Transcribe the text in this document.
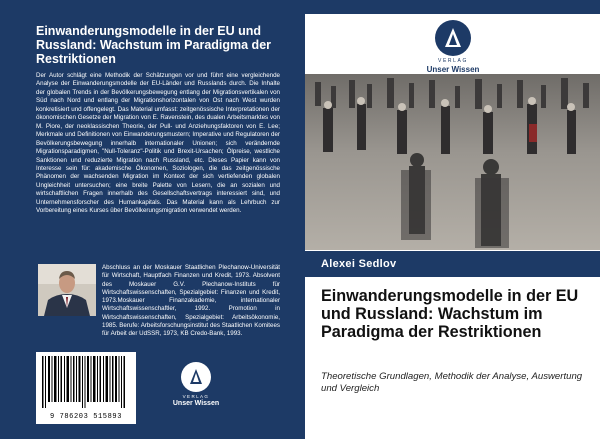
Einwanderungsmodelle in der EU und Russland: Wachstum im Paradigma der Restriktionen
Der Autor schlägt eine Methodik der Schätzungen vor und führt eine vergleichende Analyse der Einwanderungsmodelle der EU-Länder und Russlands durch. Die Inhalte der globalen Trends in der Bevölkerungsbewegung entlang der Migrationsvertikalen von Süd nach Nord und entlang der Migrationshorizontalen von Ost nach West wurden konkretisiert und offengelegt. Das Material umfasst: zeitgenössische Interpretationen der ökonomischen Gesetze der Migration von E. Ravenstein, des dualen Arbeitsmarktes von M. Piore, der neoklassischen Theorie, der Pull- und Anziehungsfaktoren von E. Lee; Merkmale und Definitionen von Einwanderungsmustern; Imperative und Regulatoren der Bevölkerungsbewegung innerhalb internationaler Unionen; sich verändernde Migrationsparadigmen, "Null-Toleranz"-Politik und Brexit-Ursachen; Ölpreise, westliche Sanktionen und reduzierte Migration nach Russland, etc. Dieses Papier kann von Interesse sein für: akademische Ökonomen, Soziologen, die das zeitgenössische Phänomen der wachsenden Migration im Kontext der sich vertiefenden globalen Ungleichheit untersuchen; eine breite Palette von Lesern, die an sozialen und wirtschaftlichen Fragen innerhalb des Gesellschaftsvertrags interessiert sind, und Unternehmensforscher des Humankapitals. Das Material kann als Lehrbuch zur Vorbereitung eines Kurses über Bevölkerungsmigration verwendet werden.
Abschluss an der Moskauer Staatlichen Plechanow-Universität für Wirtschaft, Hauptfach Finanzen und Kredit, 1973. Absolvent des Moskauer G.V. Plechanow-Instituts für Wirtschaftswissenschaften, Spezialgebiet: Finanzen und Kredit, 1973.Moskauer Finanzakademie, internationaler Wirtschaftswissenschaftler, 1992. Promotion in Wirtschaftswissenschaften, Spezialgebiet: Arbeitsökonomie, 1985. Berufe: Arbeitsforschungsinstitut des Staatlichen Komitees für Arbeit der UdSSR, 1973, KB Credo-Bank, 1993.
9 786203 515893
VERLAG
Unser Wissen
VERLAG
Unser Wissen
Alexei Sedlov
Einwanderungsmodelle in der EU und Russland: Wachstum im Paradigma der Restriktionen
Theoretische Grundlagen, Methodik der Analyse, Auswertung und Vergleich
